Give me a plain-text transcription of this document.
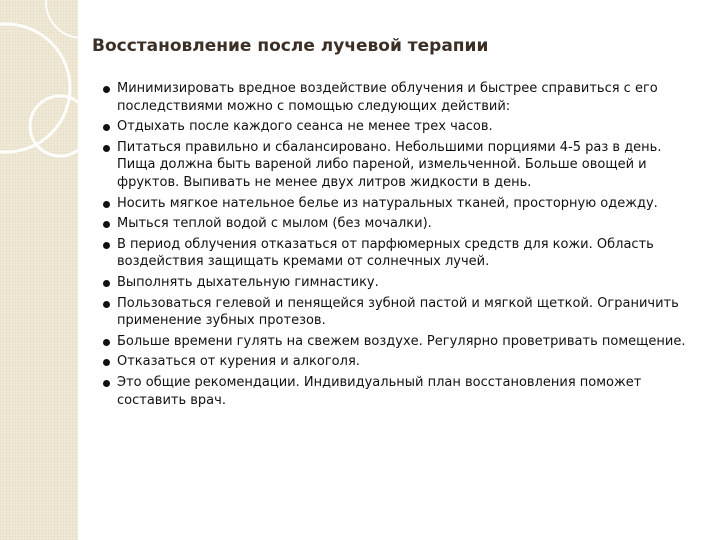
Восстановление после лучевой терапии
Минимизировать вредное воздействие облучения и быстрее справиться с его последствиями можно с помощью следующих действий:
Отдыхать после каждого сеанса не менее трех часов.
Питаться правильно и сбалансировано. Небольшими порциями 4-5 раз в день. Пища должна быть вареной либо пареной, измельченной. Больше овощей и фруктов. Выпивать не менее двух литров жидкости в день.
Носить мягкое нательное белье из натуральных тканей, просторную одежду.
Мыться теплой водой с мылом (без мочалки).
В период облучения отказаться от парфюмерных средств для кожи. Область воздействия защищать кремами от солнечных лучей.
Выполнять дыхательную гимнастику.
Пользоваться гелевой и пенящейся зубной пастой и мягкой щеткой. Ограничить применение зубных протезов.
Больше времени гулять на свежем воздухе. Регулярно проветривать помещение.
Отказаться от курения и алкоголя.
Это общие рекомендации. Индивидуальный план восстановления поможет составить врач.
